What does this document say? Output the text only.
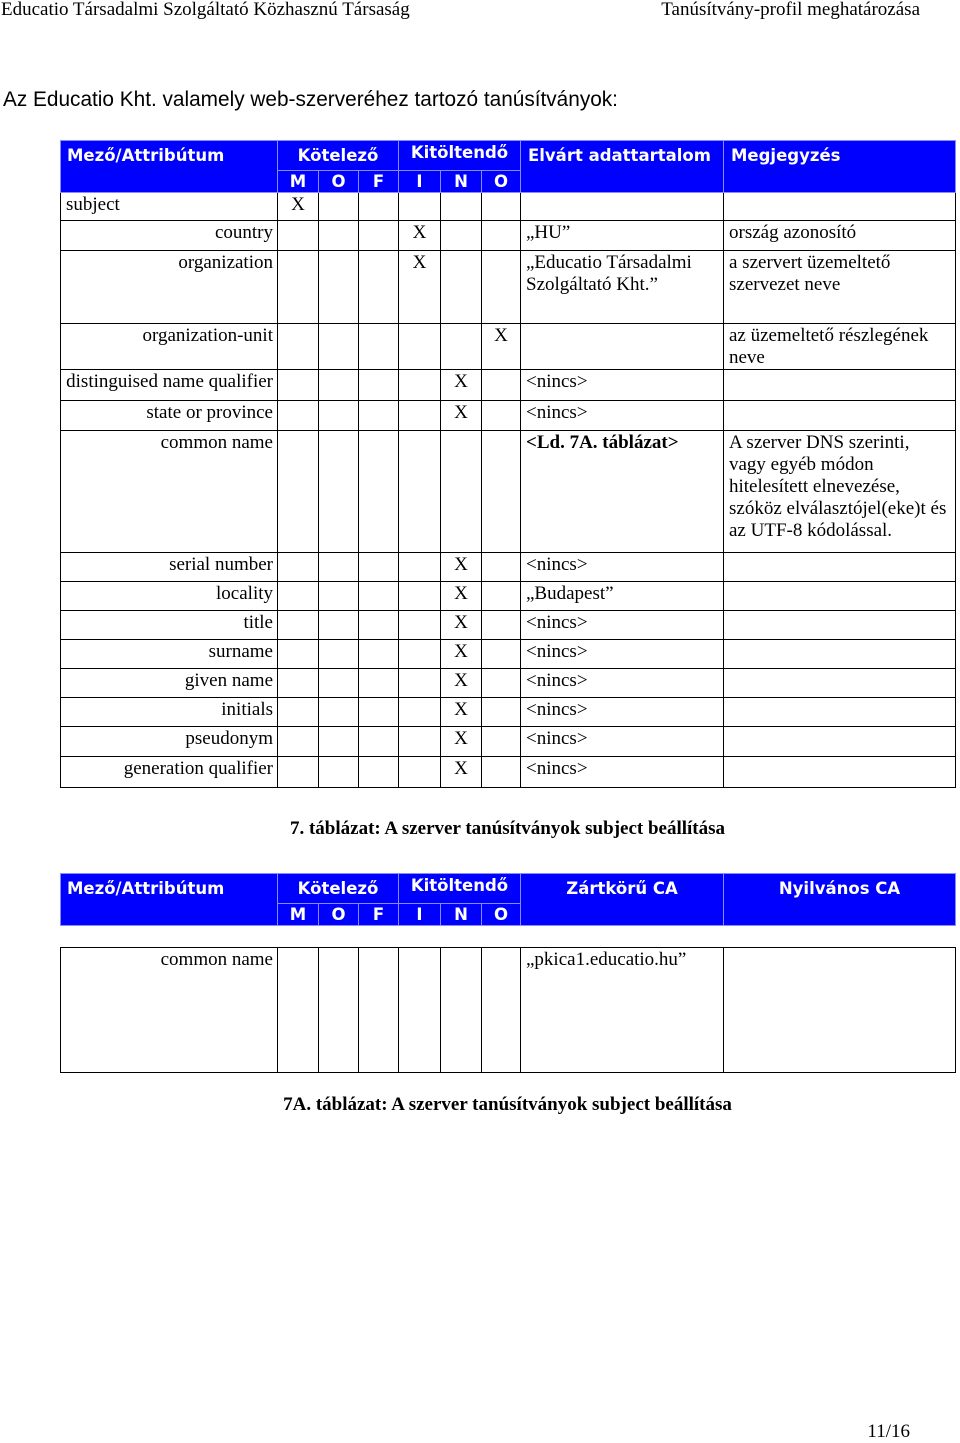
Educatio Társadalmi Szolgáltató Közhasznú Társaság	Tanúsítvány-profil meghatározása
Az Educatio Kht. valamely web-szerveréhez tartozó tanúsítványok:
Mező/Attribútum	Kötelező			Kitöltendő			Elvárt adattartalom	Megjegyzés
	M	O	F	I	N	O		
subject	X							

country				X			„HU”	ország azonosító

organization				X			„Educatio Társadalmi Szolgáltató Kht.”	a szervert üzemeltető szervezet neve

organization-unit						X		az üzemeltető részlegének neve

distinguised name qualifier					X		<nincs>	

state or province					X		<nincs>	

common name							<Ld. 7A. táblázat>	A szerver DNS szerinti, vagy egyéb módon hitelesített elnevezése, szóköz elválasztójel(eke)t és az UTF-8 kódolással.

serial number					X		<nincs>	

locality					X		„Budapest”	

title					X		<nincs>	

surname					X		<nincs>	

given name					X		<nincs>	

initials					X		<nincs>	

pseudonym					X		<nincs>	

generation qualifier					X		<nincs>	
7. táblázat: A szerver tanúsítványok subject beállítása
Mező/Attribútum	Kötelező			Kitöltendő			Zártkörű CA	Nyilvános CA
	M	O	F	I	N	O		
common name							„pkica1.educatio.hu”	
7A. táblázat: A szerver tanúsítványok subject beállítása
11/16
